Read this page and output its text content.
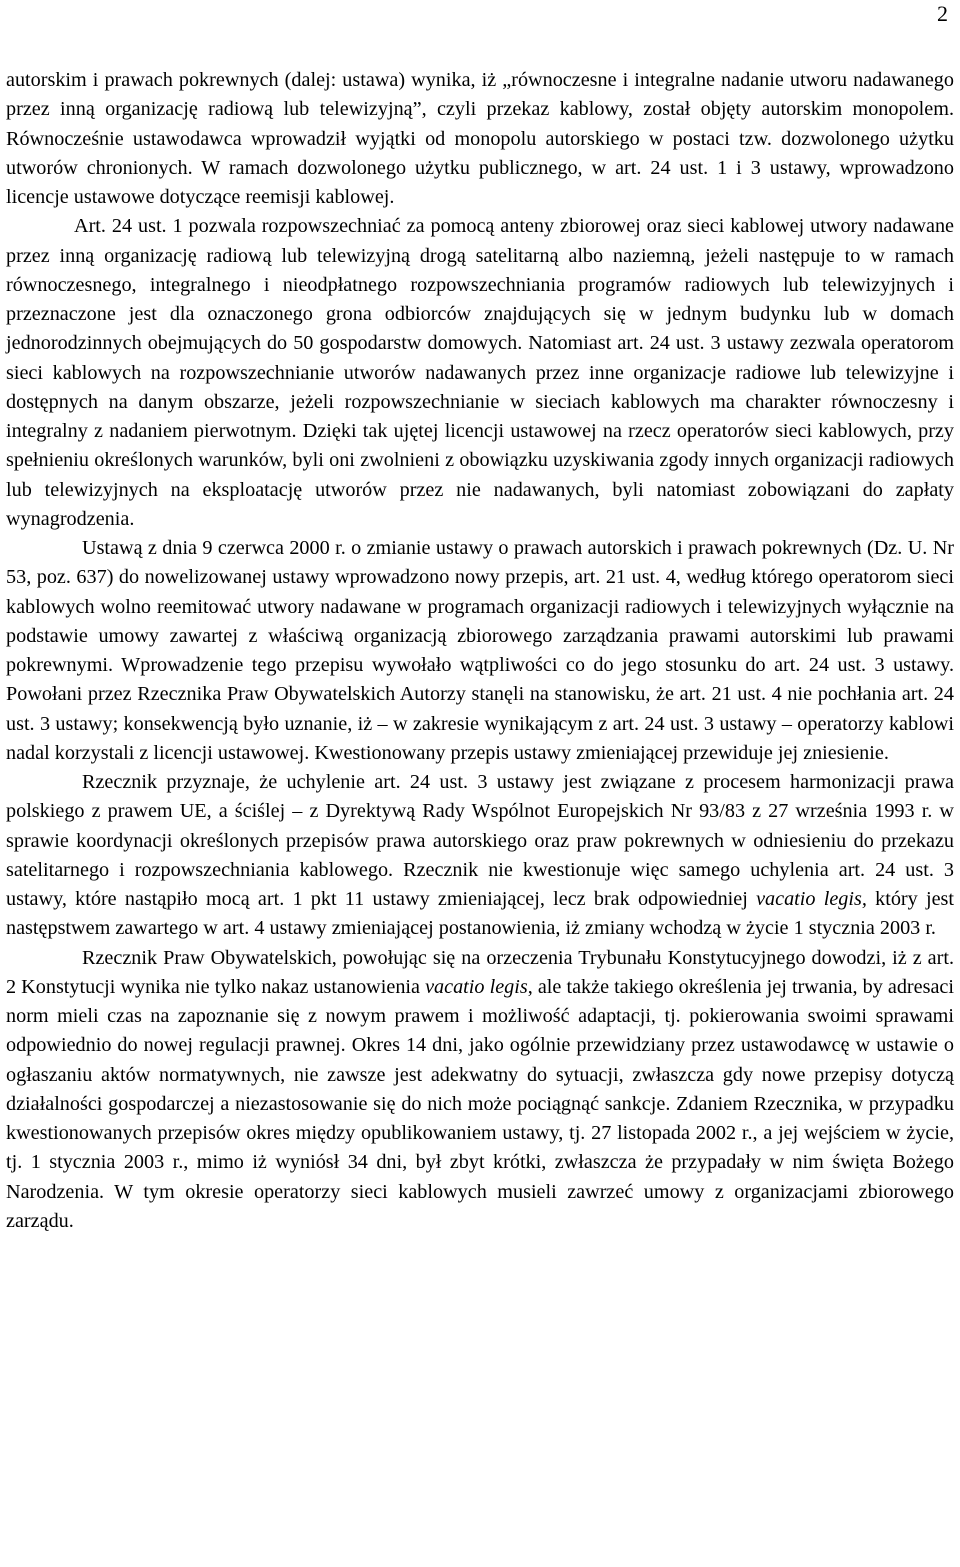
2

autorskim i prawach pokrewnych (dalej: ustawa) wynika, iż „równoczesne i integralne nadanie utworu nadawanego przez inną organizację radiową lub telewizyjną”, czyli przekaz kablowy, został objęty autorskim monopolem. Równocześnie ustawodawca wprowadził wyjątki od monopolu autorskiego w postaci tzw. dozwolonego użytku utworów chronionych. W ramach dozwolonego użytku publicznego, w art. 24 ust. 1 i 3 ustawy, wprowadzono licencje ustawowe dotyczące reemisji kablowej.

Art. 24 ust. 1 pozwala rozpowszechniać za pomocą anteny zbiorowej oraz sieci kablowej utwory nadawane przez inną organizację radiową lub telewizyjną drogą satelitarną albo naziemną, jeżeli następuje to w ramach równoczesnego, integralnego i nieodpłatnego rozpowszechniania programów radiowych lub telewizyjnych i przeznaczone jest dla oznaczonego grona odbiorców znajdujących się w jednym budynku lub w domach jednorodzinnych obejmujących do 50 gospodarstw domowych. Natomiast art. 24 ust. 3 ustawy zezwala operatorom sieci kablowych na rozpowszechnianie utworów nadawanych przez inne organizacje radiowe lub telewizyjne i dostępnych na danym obszarze, jeżeli rozpowszechnianie w sieciach kablowych ma charakter równoczesny i integralny z nadaniem pierwotnym. Dzięki tak ujętej licencji ustawowej na rzecz operatorów sieci kablowych, przy spełnieniu określonych warunków, byli oni zwolnieni z obowiązku uzyskiwania zgody innych organizacji radiowych lub telewizyjnych na eksploatację utworów przez nie nadawanych, byli natomiast zobowiązani do zapłaty wynagrodzenia.

Ustawą z dnia 9 czerwca 2000 r. o zmianie ustawy o prawach autorskich i prawach pokrewnych (Dz. U. Nr 53, poz. 637) do nowelizowanej ustawy wprowadzono nowy przepis, art. 21 ust. 4, według którego operatorom sieci kablowych wolno reemitować utwory nadawane w programach organizacji radiowych i telewizyjnych wyłącznie na podstawie umowy zawartej z właściwą organizacją zbiorowego zarządzania prawami autorskimi lub prawami pokrewnymi. Wprowadzenie tego przepisu wywołało wątpliwości co do jego stosunku do art. 24 ust. 3 ustawy. Powołani przez Rzecznika Praw Obywatelskich Autorzy stanęli na stanowisku, że art. 21 ust. 4 nie pochłania art. 24 ust. 3 ustawy; konsekwencją było uznanie, iż – w zakresie wynikającym z art. 24 ust. 3 ustawy – operatorzy kablowi nadal korzystali z licencji ustawowej. Kwestionowany przepis ustawy zmieniającej przewiduje jej zniesienie.

Rzecznik przyznaje, że uchylenie art. 24 ust. 3 ustawy jest związane z procesem harmonizacji prawa polskiego z prawem UE, a ściślej – z Dyrektywą Rady Wspólnot Europejskich Nr 93/83 z 27 września 1993 r. w sprawie koordynacji określonych przepisów prawa autorskiego oraz praw pokrewnych w odniesieniu do przekazu satelitarnego i rozpowszechniania kablowego. Rzecznik nie kwestionuje więc samego uchylenia art. 24 ust. 3 ustawy, które nastąpiło mocą art. 1 pkt 11 ustawy zmieniającej, lecz brak odpowiedniej vacatio legis, który jest następstwem zawartego w art. 4 ustawy zmieniającej postanowienia, iż zmiany wchodzą w życie 1 stycznia 2003 r.

Rzecznik Praw Obywatelskich, powołując się na orzeczenia Trybunału Konstytucyjnego dowodzi, iż z art. 2 Konstytucji wynika nie tylko nakaz ustanowienia vacatio legis, ale także takiego określenia jej trwania, by adresaci norm mieli czas na zapoznanie się z nowym prawem i możliwość adaptacji, tj. pokierowania swoimi sprawami odpowiednio do nowej regulacji prawnej. Okres 14 dni, jako ogólnie przewidziany przez ustawodawcę w ustawie o ogłaszaniu aktów normatywnych, nie zawsze jest adekwatny do sytuacji, zwłaszcza gdy nowe przepisy dotyczą działalności gospodarczej a niezastosowanie się do nich może pociągnąć sankcje. Zdaniem Rzecznika, w przypadku kwestionowanych przepisów okres między opublikowaniem ustawy, tj. 27 listopada 2002 r., a jej wejściem w życie, tj. 1 stycznia 2003 r., mimo iż wyniósł 34 dni, był zbyt krótki, zwłaszcza że przypadały w nim święta Bożego Narodzenia. W tym okresie operatorzy sieci kablowych musieli zawrzeć umowy z organizacjami zbiorowego zarządu.
